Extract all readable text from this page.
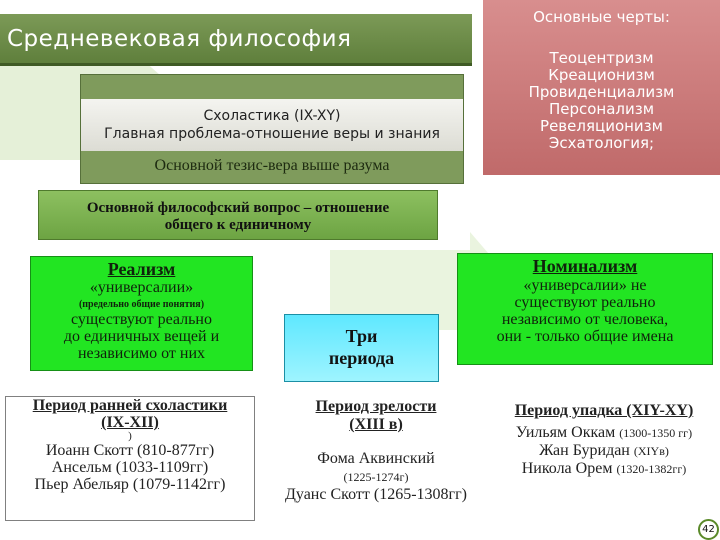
Средневековая философия
Основные черты:
Теоцентризм
Креационизм
Провиденциализм
Персонализм
Ревеляционизм
Эсхатология;
Схоластика (IX-XY)
Главная проблема-отношение веры и знания
Основной тезис-вера выше разума
Основной философский вопрос – отношение
общего к единичному
Реализм
«универсалии»
(предельно общие понятия)
существуют реально
до единичных вещей и
независимо от них
Номинализм
«универсалии» не
существуют реально
независимо от человека,
они - только общие имена
Три
периода
Период ранней схоластики
(IX-XII)
)
Иоанн Скотт (810-877гг)
Ансельм (1033-1109гг)
Пьер Абельяр (1079-1142гг)
Период зрелости
(XIII в)
Фома Аквинский
(1225-1274г)
Дуанс Скотт (1265-1308гг)
Период упадка (XIY-XY)
Уильям Оккам (1300-1350 гг)
Жан Буридан (XIYв)
Никола Орем (1320-1382гг)
42
